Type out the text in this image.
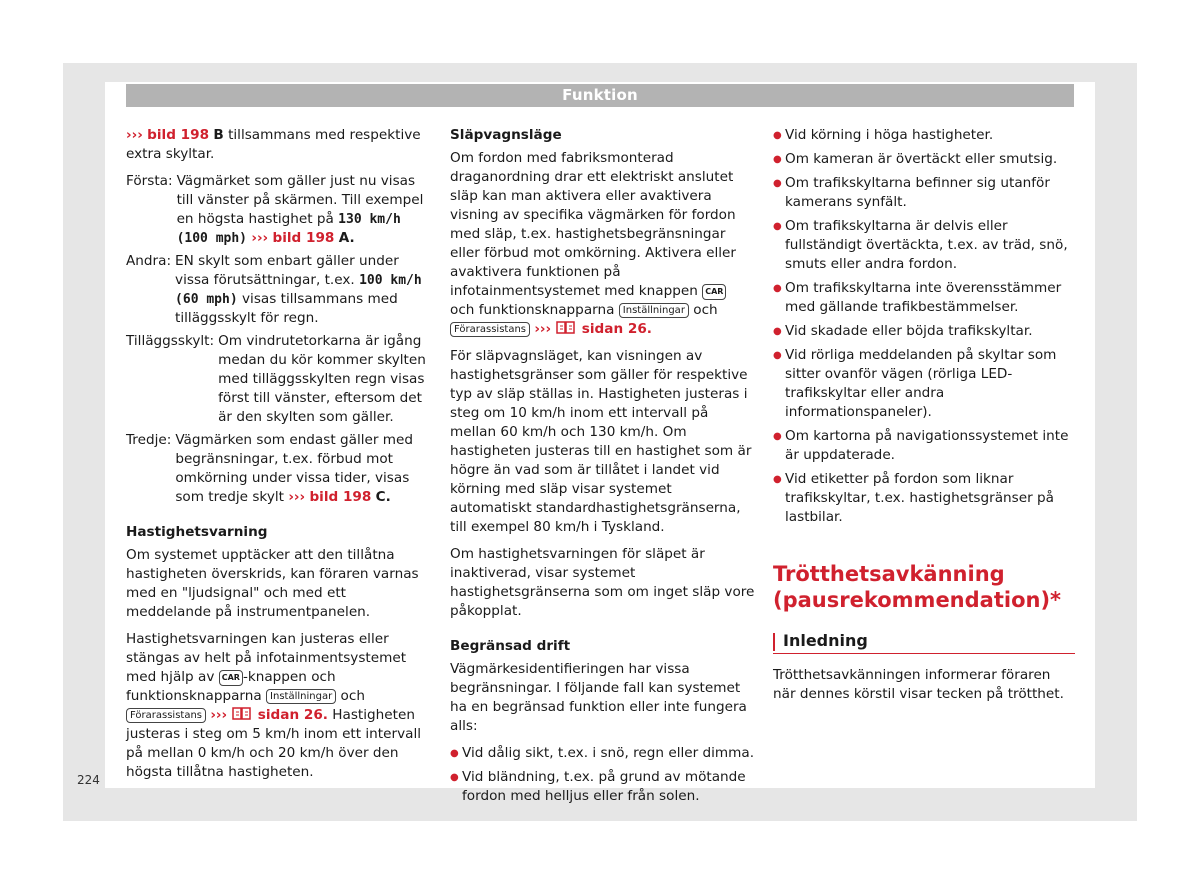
Funktion

››› bild 198 B tillsammans med respektive extra skyltar.

Första: Vägmärket som gäller just nu visas till vänster på skärmen. Till exempel en högsta hastighet på 130 km/h (100 mph) ››› bild 198 A.
Andra: EN skylt som enbart gäller under vissa förutsättningar, t.ex. 100 km/h (60 mph) visas tillsammans med tilläggsskylt för regn.
Tilläggsskylt: Om vindrutetorkarna är igång medan du kör kommer skylten med tilläggsskylten regn visas först till vänster, eftersom det är den skylten som gäller.
Tredje: Vägmärken som endast gäller med begränsningar, t.ex. förbud mot omkörning under vissa tider, visas som tredje skylt ››› bild 198 C.
Hastighetsvarning

Om systemet upptäcker att den tillåtna hastigheten överskrids, kan föraren varnas med en "ljudsignal" och med ett meddelande på instrumentpanelen.

Hastighetsvarningen kan justeras eller stängas av helt på infotainmentsystemet med hjälp av CAR -knappen och funktionsknapparna Inställningar och Förarassistans ››› sidan 26. Hastigheten justeras i steg om 5 km/h inom ett intervall på mellan 0 km/h och 20 km/h över den högsta tillåtna hastigheten.

Släpvagnsläge

Om fordon med fabriksmonterad draganordning drar ett elektriskt anslutet släp kan man aktivera eller avaktivera visning av specifika vägmärken för fordon med släp, t.ex. hastighetsbegränsningar eller förbud mot omkörning. Aktivera eller avaktivera funktionen på infotainmentsystemet med knappen CAR och funktionsknapparna Inställningar och Förarassistans ››› sidan 26.

För släpvagnsläget, kan visningen av hastighetsgränser som gäller för respektive typ av släp ställas in. Hastigheten justeras i steg om 10 km/h inom ett intervall på mellan 60 km/h och 130 km/h. Om hastigheten justeras till en hastighet som är högre än vad som är tillåtet i landet vid körning med släp visar systemet automatiskt standardhastighetsgränserna, till exempel 80 km/h i Tyskland.

Om hastighetsvarningen för släpet är inaktiverad, visar systemet hastighetsgränserna som om inget släp vore påkopplat.

Begränsad drift

Vägmärkesidentifieringen har vissa begränsningar. I följande fall kan systemet ha en begränsad funktion eller inte fungera alls:

● Vid dålig sikt, t.ex. i snö, regn eller dimma.
● Vid bländning, t.ex. på grund av mötande fordon med helljus eller från solen.
● Vid körning i höga hastigheter.
● Om kameran är övertäckt eller smutsig.
● Om trafikskyltarna befinner sig utanför kamerans synfält.
● Om trafikskyltarna är delvis eller fullständigt övertäckta, t.ex. av träd, snö, smuts eller andra fordon.
● Om trafikskyltarna inte överensstämmer med gällande trafikbestämmelser.
● Vid skadade eller böjda trafikskyltar.
● Vid rörliga meddelanden på skyltar som sitter ovanför vägen (rörliga LED-trafikskyltar eller andra informationspaneler).
● Om kartorna på navigationssystemet inte är uppdaterade.
● Vid etiketter på fordon som liknar trafikskyltar, t.ex. hastighetsgränser på lastbilar.
Trötthetsavkänning (pausrekommendation)*
Inledning

Trötthetsavkänningen informerar föraren när dennes körstil visar tecken på trötthet.

224
